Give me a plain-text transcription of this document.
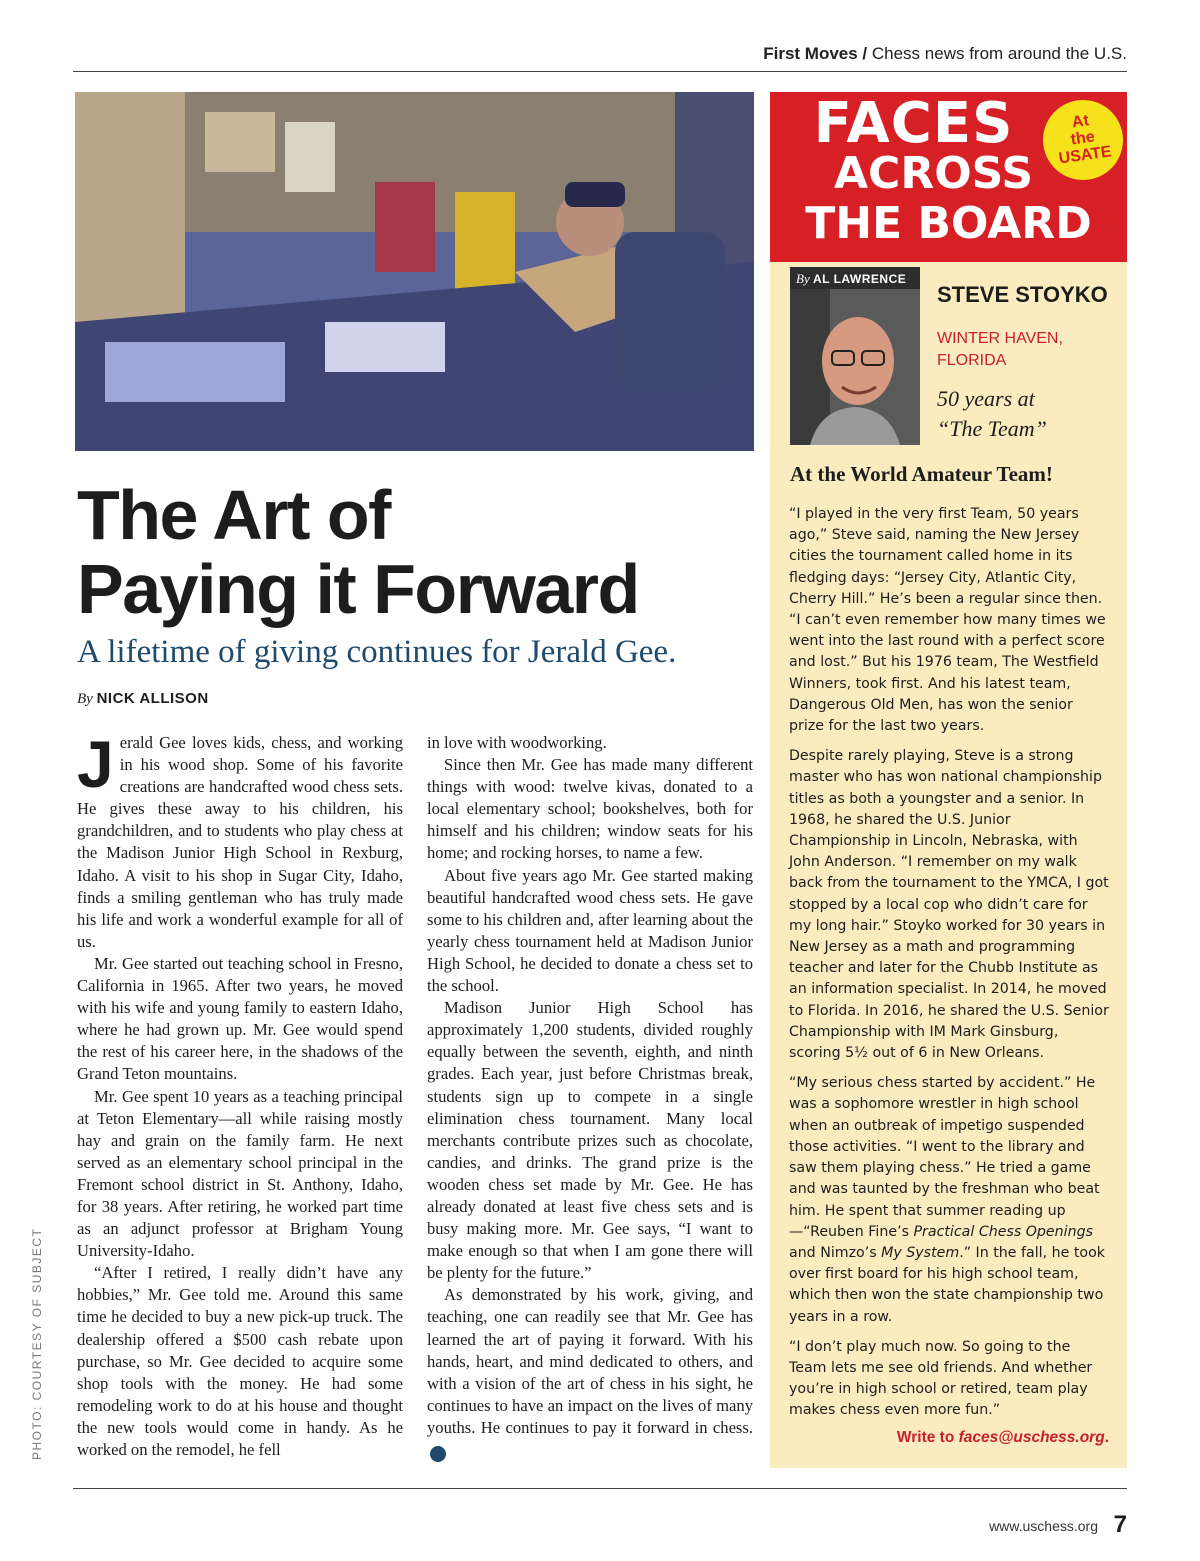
First Moves / Chess news from around the U.S.
PHOTO: COURTESY OF SUBJECT
The Art of
Paying it Forward
A lifetime of giving continues for Jerald Gee.
By NICK ALLISON

Jerald Gee loves kids, chess, and working in his wood shop. Some of his favorite creations are handcrafted wood chess sets. He gives these away to his children, his grandchildren, and to students who play chess at the Madison Junior High School in Rexburg, Idaho. A visit to his shop in Sugar City, Idaho, finds a smiling gentleman who has truly made his life and work a wonderful example for all of us.

Mr. Gee started out teaching school in Fresno, California in 1965. After two years, he moved with his wife and young family to eastern Idaho, where he had grown up. Mr. Gee would spend the rest of his career here, in the shadows of the Grand Teton mountains.

Mr. Gee spent 10 years as a teaching principal at Teton Elementary—all while raising mostly hay and grain on the family farm. He next served as an elementary school principal in the Fremont school district in St. Anthony, Idaho, for 38 years. After retiring, he worked part time as an adjunct professor at Brigham Young University-Idaho.

“After I retired, I really didn’t have any hobbies,” Mr. Gee told me. Around this same time he decided to buy a new pick-up truck. The dealership offered a $500 cash rebate upon purchase, so Mr. Gee decided to acquire some shop tools with the money. He had some remodeling work to do at his house and thought the new tools would come in handy. As he worked on the remodel, he fell

in love with woodworking.

Since then Mr. Gee has made many different things with wood: twelve kivas, donated to a local elementary school; bookshelves, both for himself and his children; window seats for his home; and rocking horses, to name a few.

About five years ago Mr. Gee started making beautiful handcrafted wood chess sets. He gave some to his children and, after learning about the yearly chess tournament held at Madison Junior High School, he decided to donate a chess set to the school.

Madison Junior High School has approximately 1,200 students, divided roughly equally between the seventh, eighth, and ninth grades. Each year, just before Christmas break, students sign up to compete in a single elimination chess tournament. Many local merchants contribute prizes such as chocolate, candies, and drinks. The grand prize is the wooden chess set made by Mr. Gee. He has already donated at least five chess sets and is busy making more. Mr. Gee says, “I want to make enough so that when I am gone there will be plenty for the future.”

As demonstrated by his work, giving, and teaching, one can readily see that Mr. Gee has learned the art of paying it forward. With his hands, heart, and mind dedicated to others, and with a vision of the art of chess in his sight, he continues to have an impact on the lives of many youths. He continues to pay it forward in chess.♚

FACES
ACROSS
THE BOARD
At
the
USATE
By AL LAWRENCE
STEVE STOYKO
WINTER HAVEN,
FLORIDA
50 years at
“The Team”
At the World Amateur Team!

“I played in the very first Team, 50 years ago,” Steve said, naming the New Jersey cities the tournament called home in its fledging days: “Jersey City, Atlantic City, Cherry Hill.” He’s been a regular since then. “I can’t even remember how many times we went into the last round with a perfect score and lost.” But his 1976 team, The Westfield Winners, took first. And his latest team, Dangerous Old Men, has won the senior prize for the last two years.

Despite rarely playing, Steve is a strong master who has won national championship titles as both a youngster and a senior. In 1968, he shared the U.S. Junior Championship in Lincoln, Nebraska, with John Anderson. “I remember on my walk back from the tournament to the YMCA, I got stopped by a local cop who didn’t care for my long hair.” Stoyko worked for 30 years in New Jersey as a math and programming teacher and later for the Chubb Institute as an information specialist. In 2014, he moved to Florida. In 2016, he shared the U.S. Senior Championship with IM Mark Ginsburg, scoring 5½ out of 6 in New Orleans.

“My serious chess started by accident.” He was a sophomore wrestler in high school when an outbreak of impetigo suspended those activities. “I went to the library and saw them playing chess.” He tried a game and was taunted by the freshman who beat him. He spent that summer reading up—“Reuben Fine’s Practical Chess Openings and Nimzo’s My System.” In the fall, he took over first board for his high school team, which then won the state championship two years in a row.

“I don’t play much now. So going to the Team lets me see old friends. And whether you’re in high school or retired, team play makes chess even more fun.”

Write to faces@uschess.org.
www.uschess.org 7
